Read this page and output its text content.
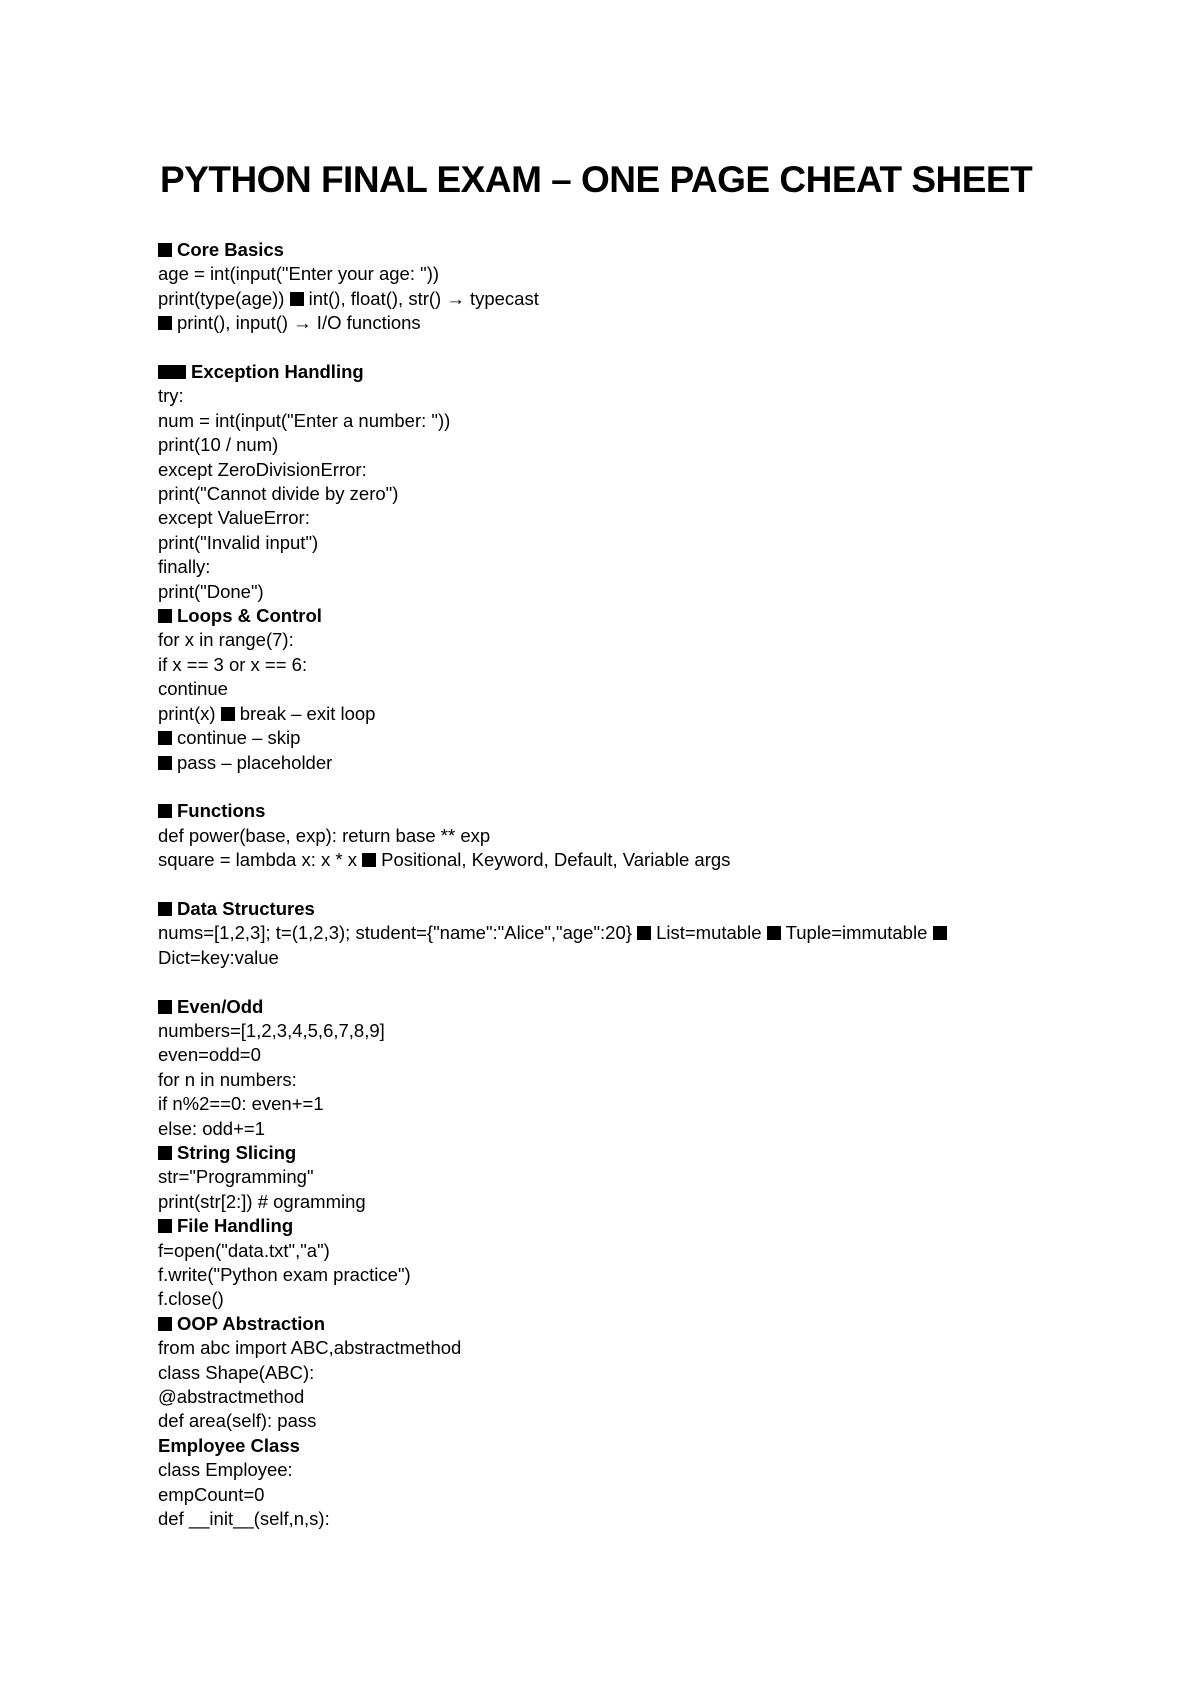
PYTHON FINAL EXAM – ONE PAGE CHEAT SHEET
Core Basics
age = int(input("Enter your age: "))
print(type(age)) int(), float(), str() → typecast
print(), input() → I/O functions
Exception Handling
try:
num = int(input("Enter a number: "))
print(10 / num)
except ZeroDivisionError:
print("Cannot divide by zero")
except ValueError:
print("Invalid input")
finally:
print("Done")
Loops & Control
for x in range(7):
if x == 3 or x == 6:
continue
print(x) break – exit loop
continue – skip
pass – placeholder
Functions
def power(base, exp): return base ** exp
square = lambda x: x * x Positional, Keyword, Default, Variable args
Data Structures
nums=[1,2,3]; t=(1,2,3); student={"name":"Alice","age":20} List=mutable Tuple=immutable
Dict=key:value
Even/Odd
numbers=[1,2,3,4,5,6,7,8,9]
even=odd=0
for n in numbers:
if n%2==0: even+=1
else: odd+=1
String Slicing
str="Programming"
print(str[2:]) # ogramming
File Handling
f=open("data.txt","a")
f.write("Python exam practice")
f.close()
OOP Abstraction
from abc import ABC,abstractmethod
class Shape(ABC):
@abstractmethod
def area(self): pass
Employee Class
class Employee:
empCount=0
def __init__(self,n,s):
